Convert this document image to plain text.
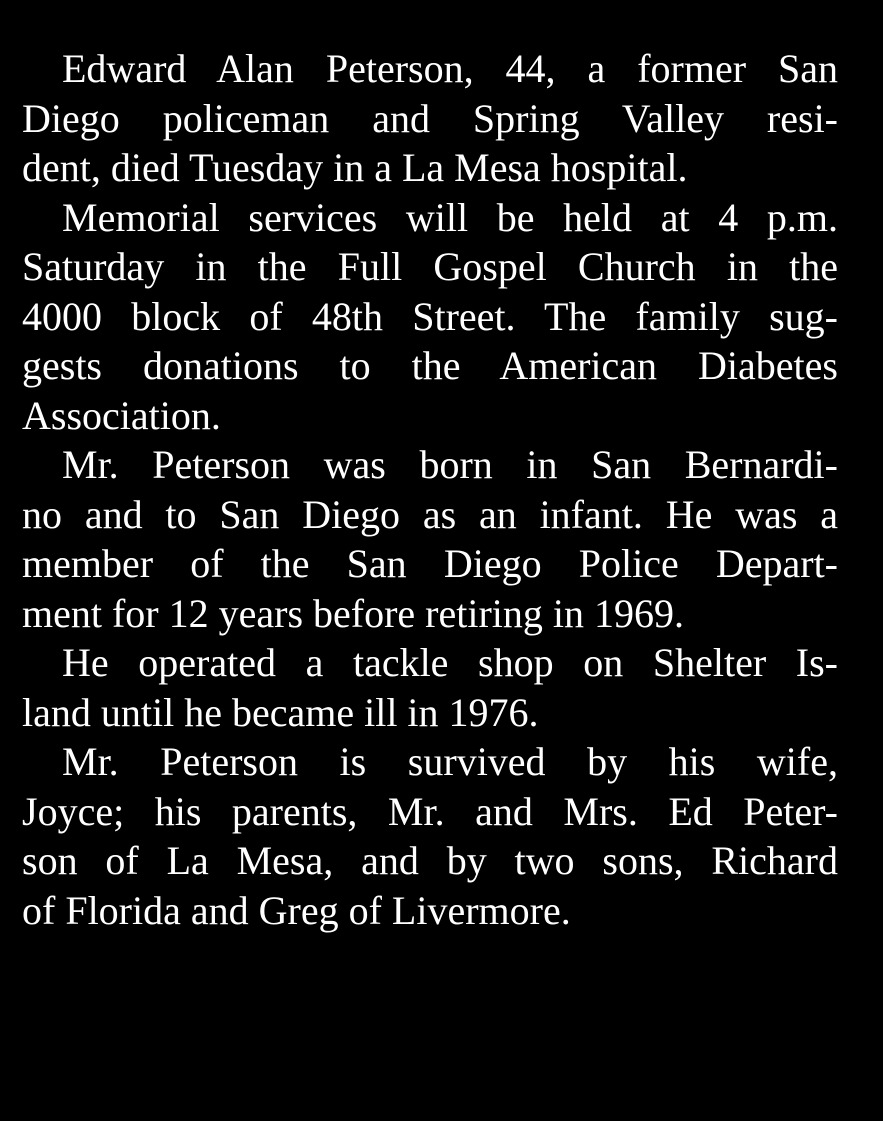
Edward Alan Peterson, 44, a former San
Diego policeman and Spring Valley resi-
dent, died Tuesday in a La Mesa hospital.
Memorial services will be held at 4 p.m.
Saturday in the Full Gospel Church in the
4000 block of 48th Street. The family sug-
gests donations to the American Diabetes
Association.
Mr. Peterson was born in San Bernardi-
no and to San Diego as an infant. He was a
member of the San Diego Police Depart-
ment for 12 years before retiring in 1969.
He operated a tackle shop on Shelter Is-
land until he became ill in 1976.
Mr. Peterson is survived by his wife,
Joyce; his parents, Mr. and Mrs. Ed Peter-
son of La Mesa, and by two sons, Richard
of Florida and Greg of Livermore.
